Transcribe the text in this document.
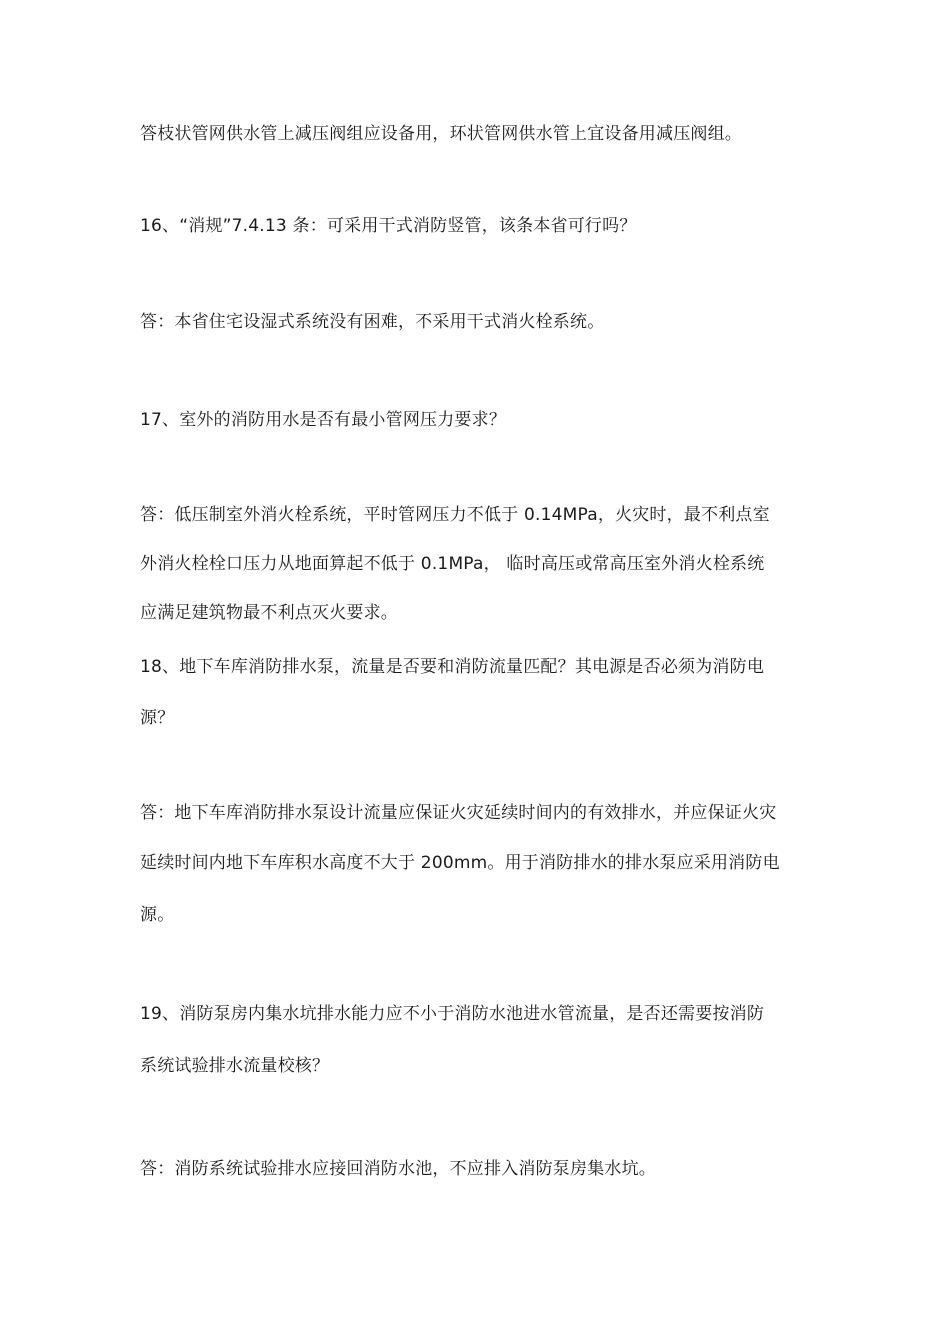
答枝状管网供水管上减压阀组应设备用，环状管网供水管上宜设备用减压阀组。
16、“消规”7.4.13 条：可采用干式消防竖管，该条本省可行吗？
答：本省住宅设湿式系统没有困难，不采用干式消火栓系统。
17、室外的消防用水是否有最小管网压力要求？
答：低压制室外消火栓系统，平时管网压力不低于 0.14MPa，火灾时，最不利点室
外消火栓栓口压力从地面算起不低于 0.1MPa， 临时高压或常高压室外消火栓系统
应满足建筑物最不利点灭火要求。
18、地下车库消防排水泵，流量是否要和消防流量匹配？其电源是否必须为消防电
源？
答：地下车库消防排水泵设计流量应保证火灾延续时间内的有效排水，并应保证火灾
延续时间内地下车库积水高度不大于 200mm。用于消防排水的排水泵应采用消防电
源。
19、消防泵房内集水坑排水能力应不小于消防水池进水管流量，是否还需要按消防
系统试验排水流量校核？
答：消防系统试验排水应接回消防水池，不应排入消防泵房集水坑。
